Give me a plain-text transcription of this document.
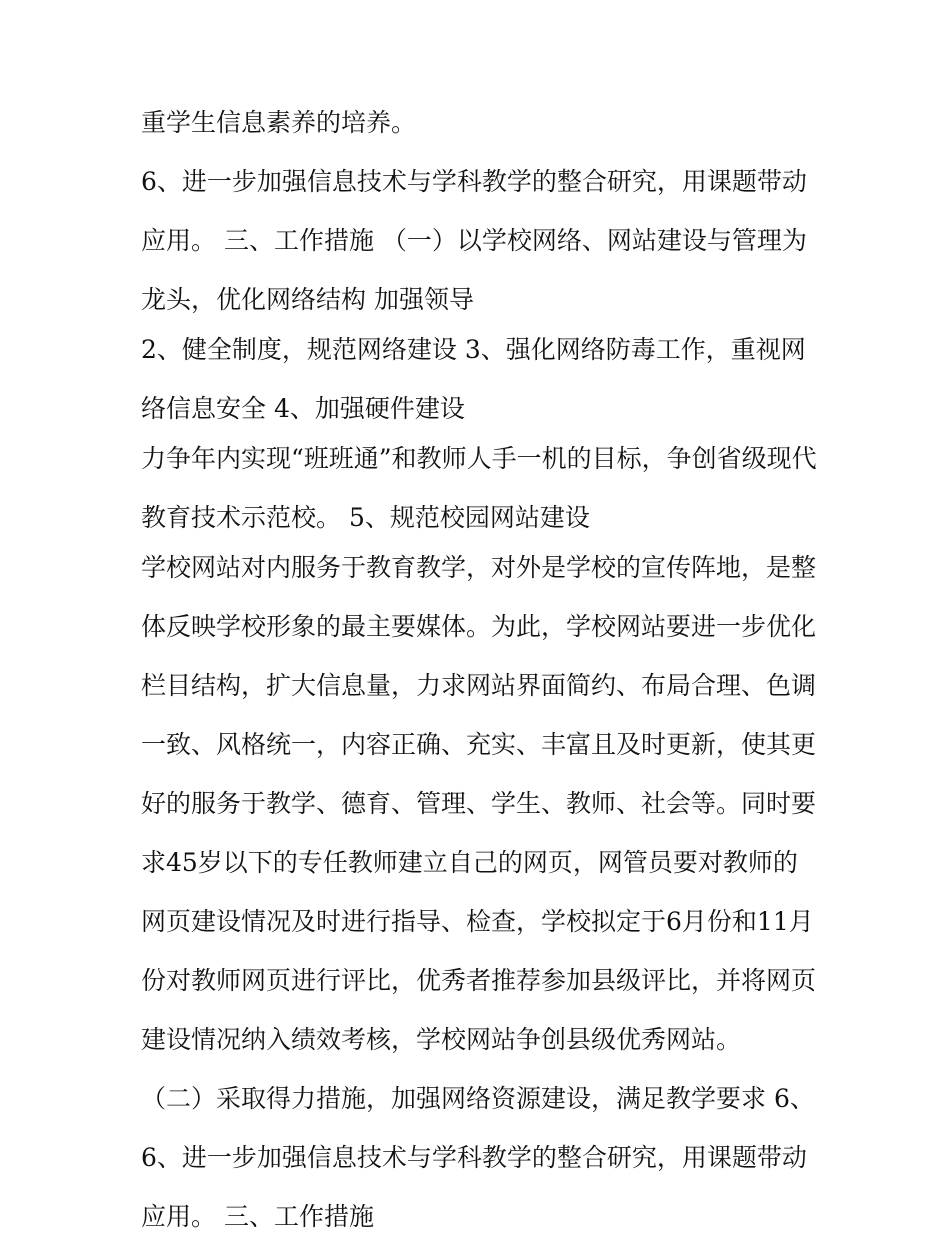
重学生信息素养的培养。
6、进一步加强信息技术与学科教学的整合研究，用课题带动
应用。 三、工作措施 （一）以学校网络、网站建设与管理为
龙头，优化网络结构 加强领导
2、健全制度，规范网络建设 3、强化网络防毒工作，重视网
络信息安全 4、加强硬件建设
力争年内实现“班班通”和教师人手一机的目标，争创省级现代
教育技术示范校。 5、规范校园网站建设
学校网站对内服务于教育教学，对外是学校的宣传阵地，是整
体反映学校形象的最主要媒体。为此，学校网站要进一步优化
栏目结构，扩大信息量，力求网站界面简约、布局合理、色调
一致、风格统一，内容正确、充实、丰富且及时更新，使其更
好的服务于教学、德育、管理、学生、教师、社会等。同时要
求45岁以下的专任教师建立自己的网页，网管员要对教师的
网页建设情况及时进行指导、检查，学校拟定于6月份和11月
份对教师网页进行评比，优秀者推荐参加县级评比，并将网页
建设情况纳入绩效考核，学校网站争创县级优秀网站。
（二）采取得力措施，加强网络资源建设，满足教学要求 6、
6、进一步加强信息技术与学科教学的整合研究，用课题带动
应用。 三、工作措施
